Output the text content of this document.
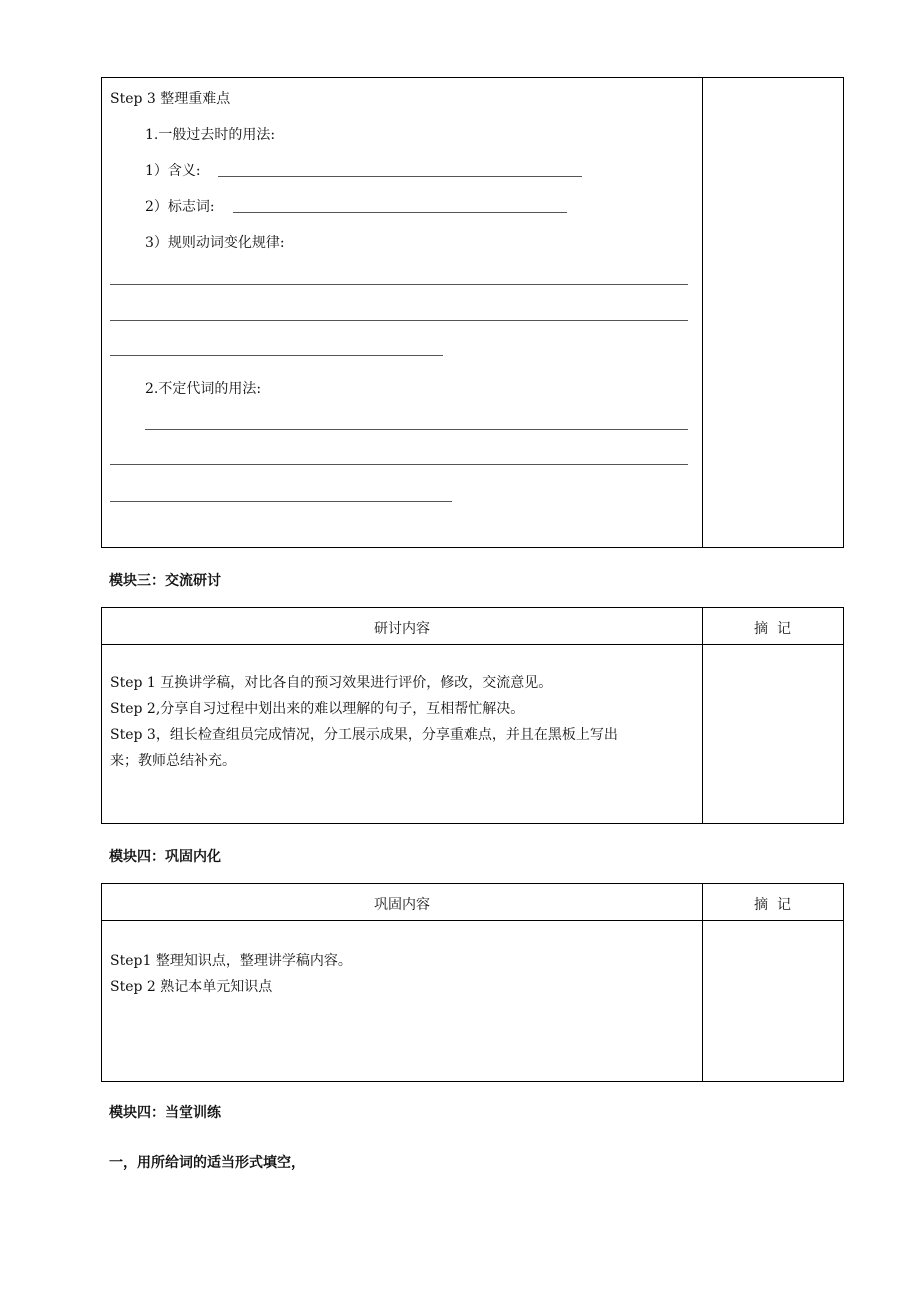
Step 3 整理重难点
1.一般过去时的用法:
1）含义:
2）标志词:
3）规则动词变化规律:
2.不定代词的用法:
模块三：交流研讨
研讨内容	摘  记
Step 1 互换讲学稿，对比各自的预习效果进行评价，修改，交流意见。
Step 2,分享自习过程中划出来的难以理解的句子，互相帮忙解决。
Step 3，组长检查组员完成情况，分工展示成果，分享重难点，并且在黑板上写出
来；教师总结补充。
模块四：巩固内化
巩固内容	摘  记
Step1 整理知识点，整理讲学稿内容。
Step 2 熟记本单元知识点
模块四：当堂训练
一，用所给词的适当形式填空，
